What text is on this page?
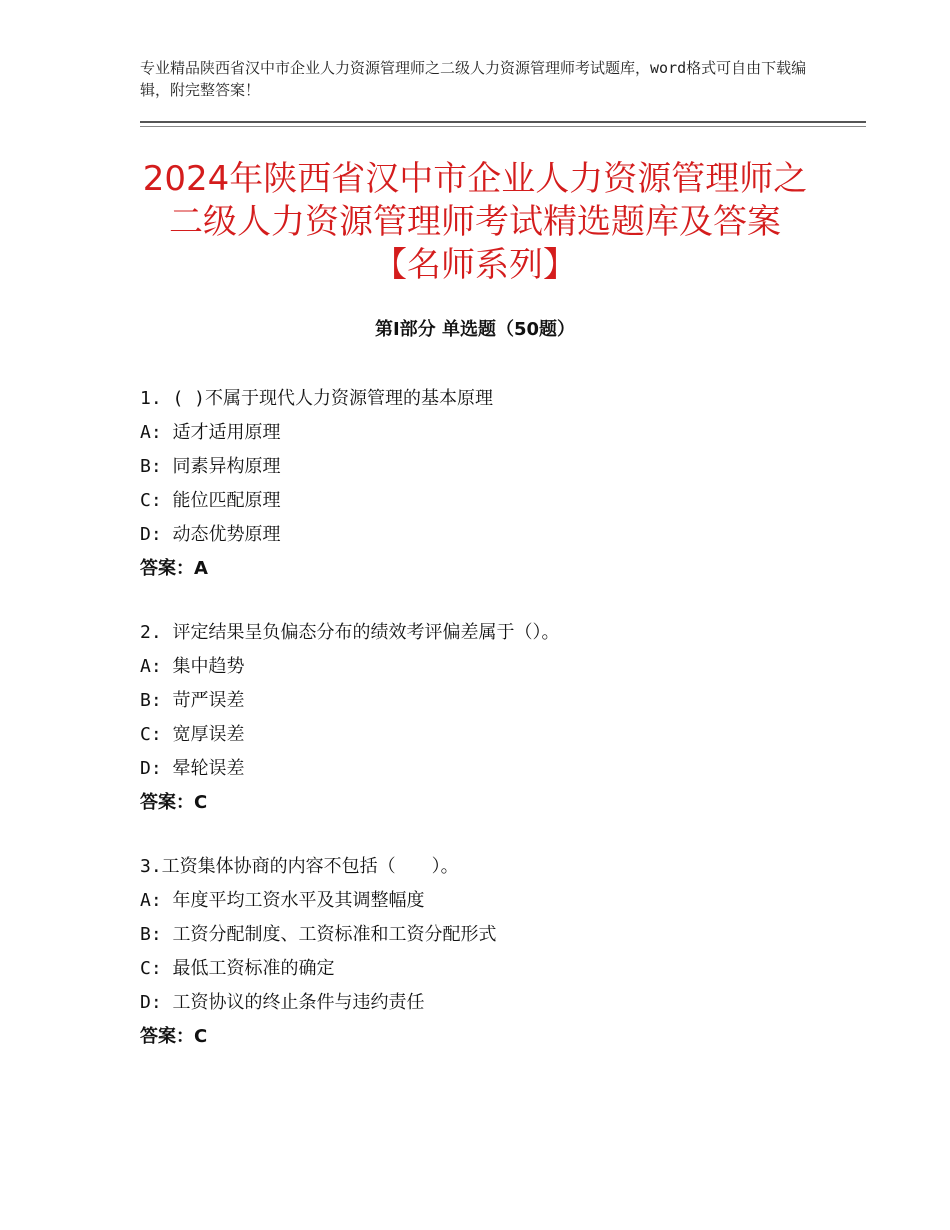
专业精品陕西省汉中市企业人力资源管理师之二级人力资源管理师考试题库，word格式可自由下载编辑，附完整答案！
2024年陕西省汉中市企业人力资源管理师之
二级人力资源管理师考试精选题库及答案
【名师系列】
第Ⅰ部分 单选题（50题）
1. ( )不属于现代人力资源管理的基本原理
A: 适才适用原理
B: 同素异构原理
C: 能位匹配原理
D: 动态优势原理
答案：A
2. 评定结果呈负偏态分布的绩效考评偏差属于（）。
A: 集中趋势
B: 苛严误差
C: 宽厚误差
D: 晕轮误差
答案：C
3.工资集体协商的内容不包括（　　）。
A: 年度平均工资水平及其调整幅度
B: 工资分配制度、工资标准和工资分配形式
C: 最低工资标准的确定
D: 工资协议的终止条件与违约责任
答案：C
